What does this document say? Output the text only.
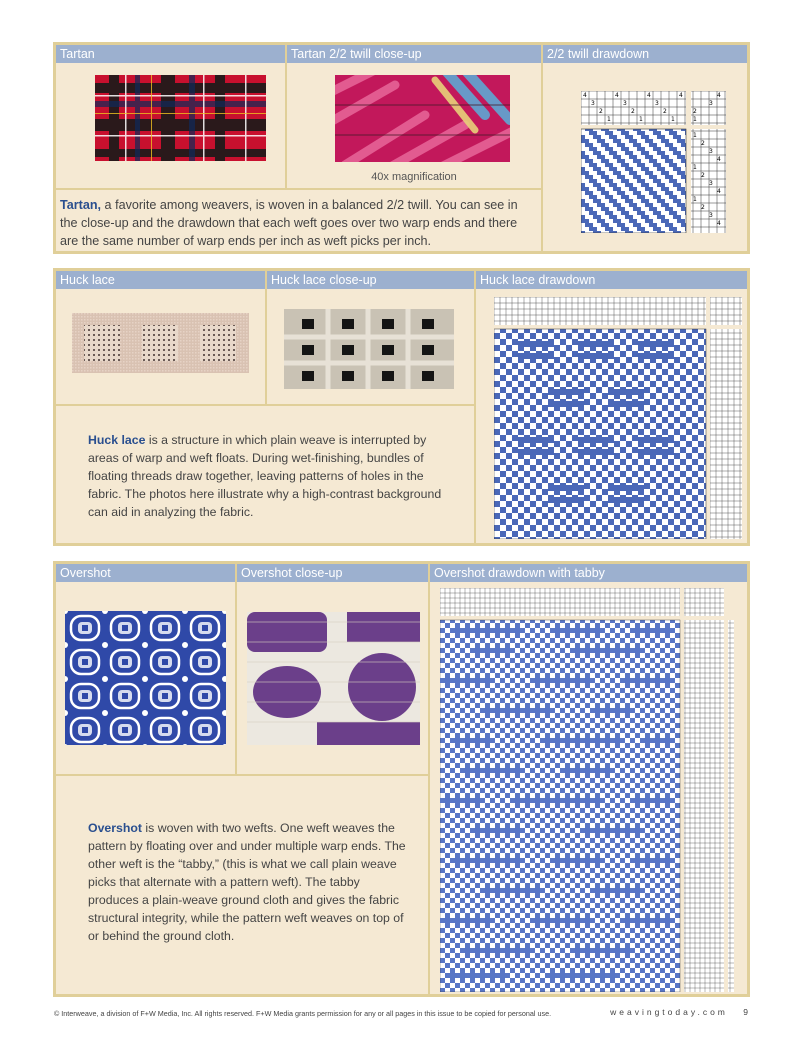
Tartan	Tartan 2/2 twill close-up
40x magnification
Tartan, a favorite among weavers, is woven in a balanced 2/2 twill. You can see in the close-up and the drawdown that each weft goes over two warp ends and there are the same number of warp ends per inch as weft picks per inch.
2/2 twill drawdown
4	4	4	4
3	3	3
2	2	2
1	1	1
4
3
2
1
1
2
3
4
1
2
3
4
1
2
3
4
Huck lace	Huck lace close-up
Huck lace is a structure in which plain weave is interrupted by areas of warp and weft floats. During wet-finishing, bundles of floating threads draw together, leaving patterns of holes in the fabric. The photos here illustrate why a high-contrast background can aid in analyzing the fabric.
Huck lace drawdown
Overshot	Overshot close-up
Overshot is woven with two wefts. One weft weaves the pattern by floating over and under multiple warp ends. The other weft is the “tabby,” (this is what we call plain weave picks that alternate with a pattern weft). The tabby produces a plain-weave ground cloth and gives the fabric structural integrity, while the pattern weft weaves on top of or behind the ground cloth.
Overshot drawdown with tabby
© Interweave, a division of F+W Media, Inc. All rights reserved. F+W Media grants permission for any or all pages in this issue to be copied for personal use.	weavingtoday.com 9
